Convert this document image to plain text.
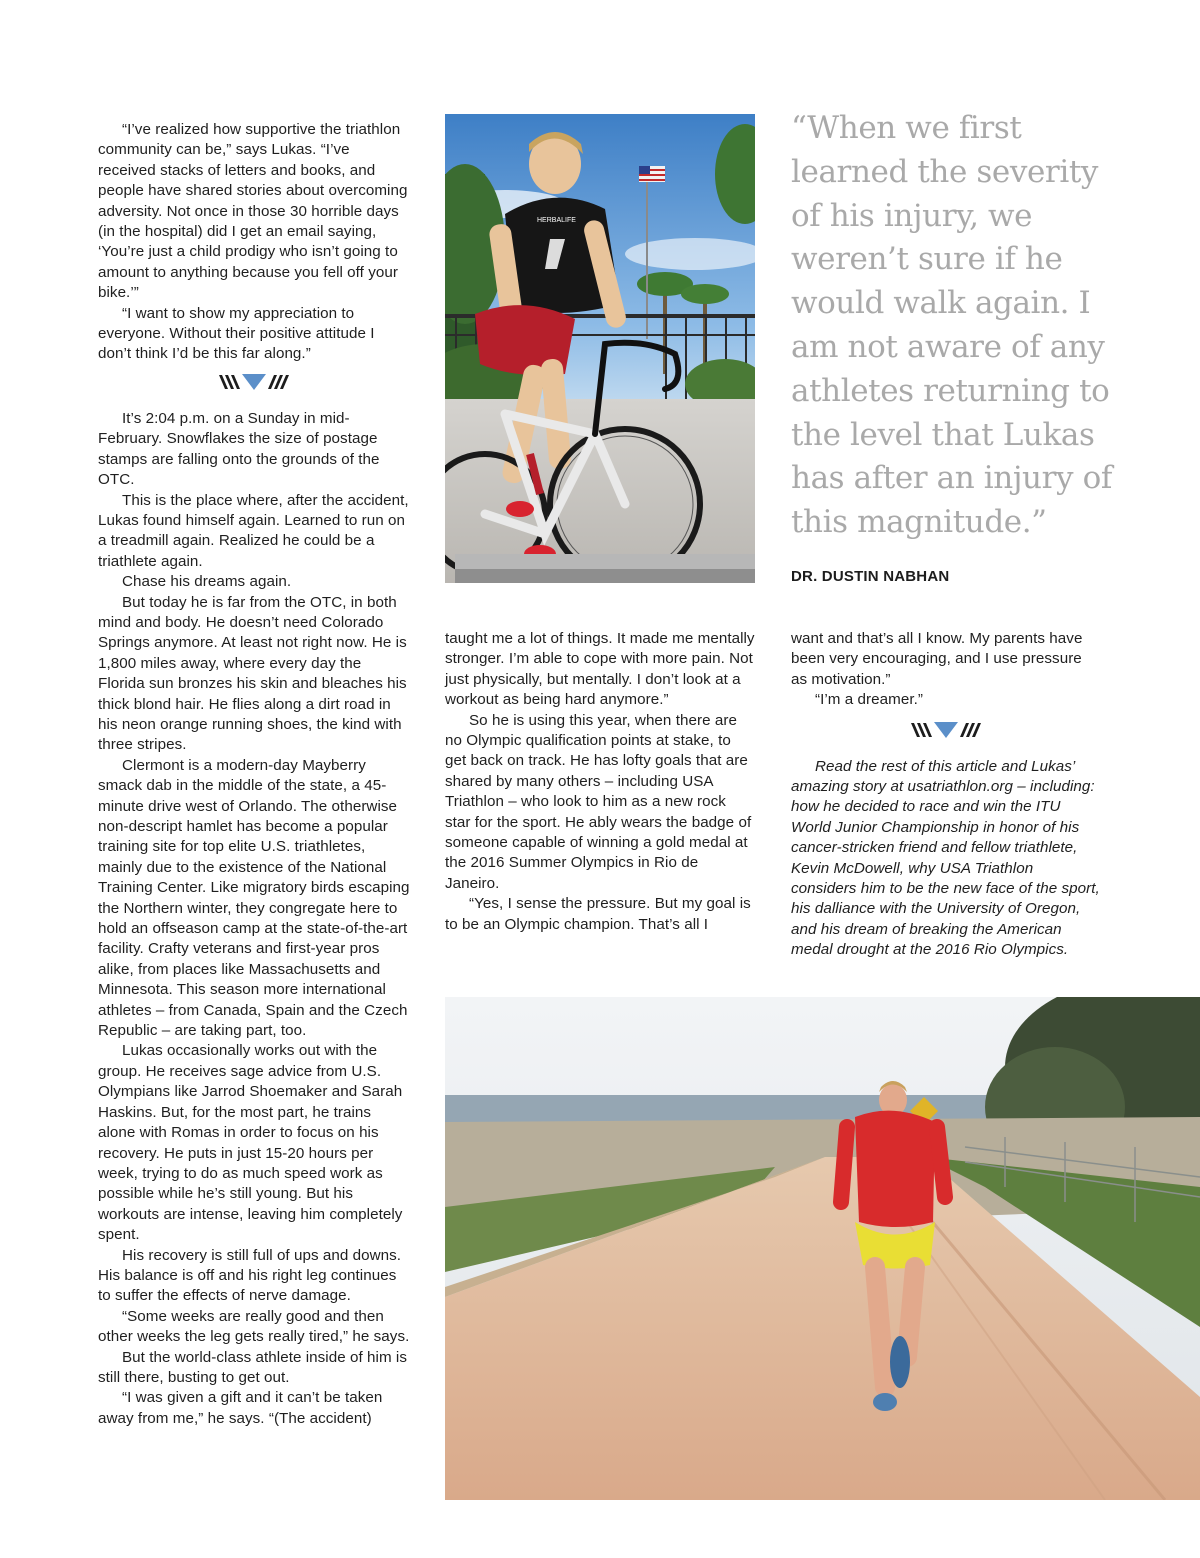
“I’ve realized how supportive the triathlon community can be,” says Lukas. “I’ve received stacks of letters and books, and people have shared stories about overcoming adversity. Not once in those 30 horrible days (in the hospital) did I get an email saying, ‘You’re just a child prodigy who isn’t going to amount to anything because you fell off your bike.’”

“I want to show my appreciation to everyone. Without their positive attitude I don’t think I’d be this far along.”

It’s 2:04 p.m. on a Sunday in mid-February. Snowflakes the size of postage stamps are falling onto the grounds of the OTC.

This is the place where, after the accident, Lukas found himself again. Learned to run on a treadmill again. Realized he could be a triathlete again.

Chase his dreams again.

But today he is far from the OTC, in both mind and body. He doesn’t need Colorado Springs anymore. At least not right now. He is 1,800 miles away, where every day the Florida sun bronzes his skin and bleaches his thick blond hair. He flies along a dirt road in his neon orange running shoes, the kind with three stripes.

Clermont is a modern-day Mayberry smack dab in the middle of the state, a 45-minute drive west of Orlando. The otherwise non-descript hamlet has become a popular training site for top elite U.S. triathletes, mainly due to the existence of the National Training Center. Like migratory birds escaping the Northern winter, they congregate here to hold an offseason camp at the state-of-the-art facility. Crafty veterans and first-year pros alike, from places like Massachusetts and Minnesota. This season more international athletes – from Canada, Spain and the Czech Republic – are taking part, too.

Lukas occasionally works out with the group. He receives sage advice from U.S. Olympians like Jarrod Shoemaker and Sarah Haskins. But, for the most part, he trains alone with Romas in order to focus on his recovery. He puts in just 15-20 hours per week, trying to do as much speed work as possible while he’s still young. But his workouts are intense, leaving him completely spent.

His recovery is still full of ups and downs. His balance is off and his right leg continues to suffer the effects of nerve damage.

“Some weeks are really good and then other weeks the leg gets really tired,” he says.

But the world-class athlete inside of him is still there, busting to get out.

“I was given a gift and it can’t be taken away from me,” he says. “(The accident)

HERBALIFE

“When we first learned the severity of his injury, we weren’t sure if he would walk again. I am not aware of any athletes returning to the level that Lukas has after an injury of this magnitude.”

DR. DUSTIN NABHAN

taught me a lot of things. It made me mentally stronger. I’m able to cope with more pain. Not just physically, but mentally. I don’t look at a workout as being hard anymore.”

So he is using this year, when there are no Olympic qualification points at stake, to get back on track. He has lofty goals that are shared by many others – including USA Triathlon – who look to him as a new rock star for the sport. He ably wears the badge of someone capable of winning a gold medal at the 2016 Summer Olympics in Rio de Janeiro.

“Yes, I sense the pressure. But my goal is to be an Olympic champion. That’s all I

want and that’s all I know. My parents have been very encouraging, and I use pressure as motivation.”

“I’m a dreamer.”

Read the rest of this article and Lukas’ amazing story at usatriathlon.org – including: how he decided to race and win the ITU World Junior Championship in honor of his cancer-stricken friend and fellow triathlete, Kevin McDowell, why USA Triathlon considers him to be the new face of the sport, his dalliance with the University of Oregon, and his dream of breaking the American medal drought at the 2016 Rio Olympics.
